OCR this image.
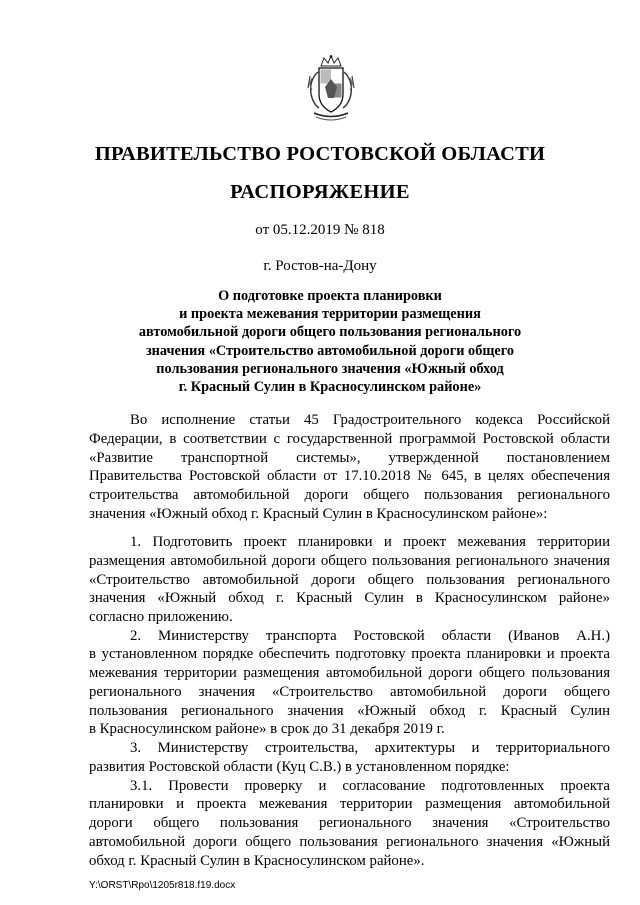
ПРАВИТЕЛЬСТВО РОСТОВСКОЙ ОБЛАСТИ
РАСПОРЯЖЕНИЕ
от 05.12.2019 № 818
г. Ростов-на-Дону
О подготовке проекта планировки
и проекта межевания территории размещения
автомобильной дороги общего пользования регионального
значения «Строительство автомобильной дороги общего
пользования регионального значения «Южный обход
г. Красный Сулин в Красносулинском районе»
Во исполнение статьи 45 Градостроительного кодекса Российской
Федерации, в соответствии с государственной программой Ростовской области
«Развитие транспортной системы», утвержденной постановлением
Правительства Ростовской области от 17.10.2018 № 645, в целях обеспечения
строительства автомобильной дороги общего пользования регионального
значения «Южный обход г. Красный Сулин в Красносулинском районе»:
1. Подготовить проект планировки и проект межевания территории
размещения автомобильной дороги общего пользования регионального значения
«Строительство автомобильной дороги общего пользования регионального
значения «Южный обход г. Красный Сулин в Красносулинском районе»
согласно приложению.
2. Министерству транспорта Ростовской области (Иванов А.Н.)
в установленном порядке обеспечить подготовку проекта планировки и проекта
межевания территории размещения автомобильной дороги общего пользования
регионального значения «Строительство автомобильной дороги общего
пользования регионального значения «Южный обход г. Красный Сулин
в Красносулинском районе» в срок до 31 декабря 2019 г.
3. Министерству строительства, архитектуры и территориального
развития Ростовской области (Куц С.В.) в установленном порядке:
3.1. Провести проверку и согласование подготовленных проекта
планировки и проекта межевания территории размещения автомобильной
дороги общего пользования регионального значения «Строительство
автомобильной дороги общего пользования регионального значения «Южный
обход г. Красный Сулин в Красносулинском районе».
Y:\ORST\Rpo\1205r818.f19.docx
